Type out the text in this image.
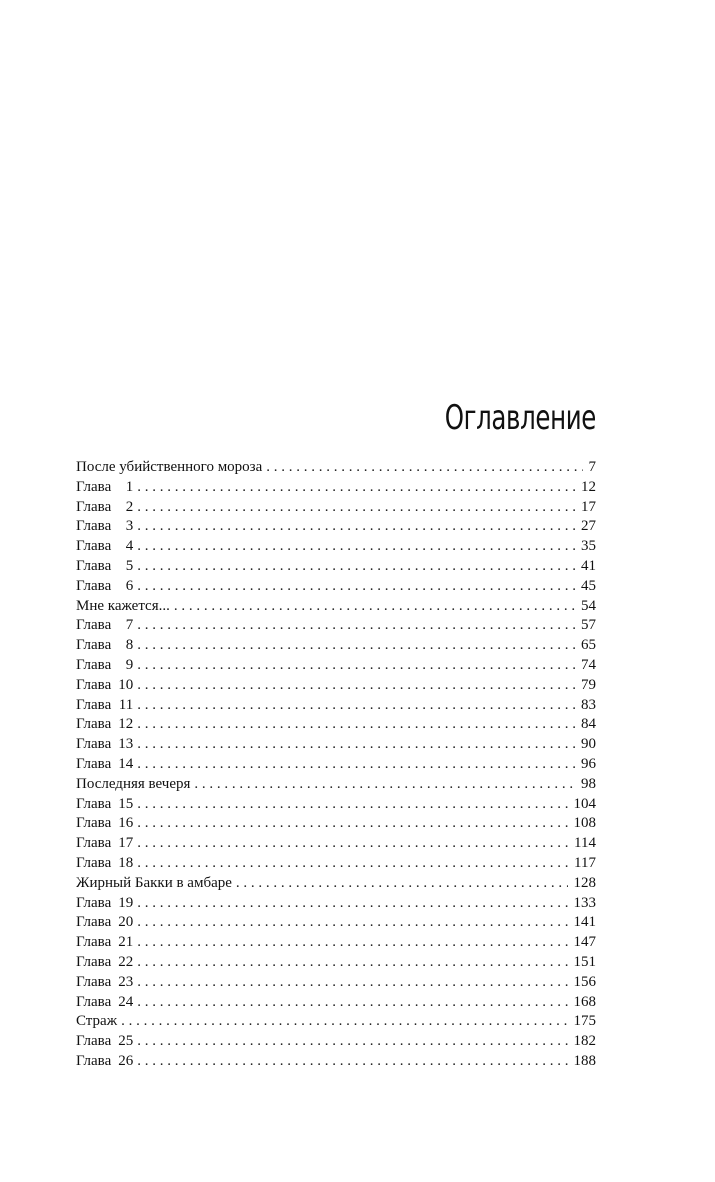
Оглавление
После убийственного мороза . . .	7
Глава 1 . . .	12
Глава 2 . . .	17
Глава 3 . . .	27
Глава 4 . . .	35
Глава 5 . . .	41
Глава 6 . . .	45
Мне кажется... . . .	54
Глава 7 . . .	57
Глава 8 . . .	65
Глава 9 . . .	74
Глава 10 . . .	79
Глава 11 . . .	83
Глава 12 . . .	84
Глава 13 . . .	90
Глава 14 . . .	96
Последняя вечеря . . .	98
Глава 15 . . .	104
Глава 16 . . .	108
Глава 17 . . .	114
Глава 18 . . .	117
Жирный Бакки в амбаре . . .	128
Глава 19 . . .	133
Глава 20 . . .	141
Глава 21 . . .	147
Глава 22 . . .	151
Глава 23 . . .	156
Глава 24 . . .	168
Страж . . .	175
Глава 25 . . .	182
Глава 26 . . .	188
